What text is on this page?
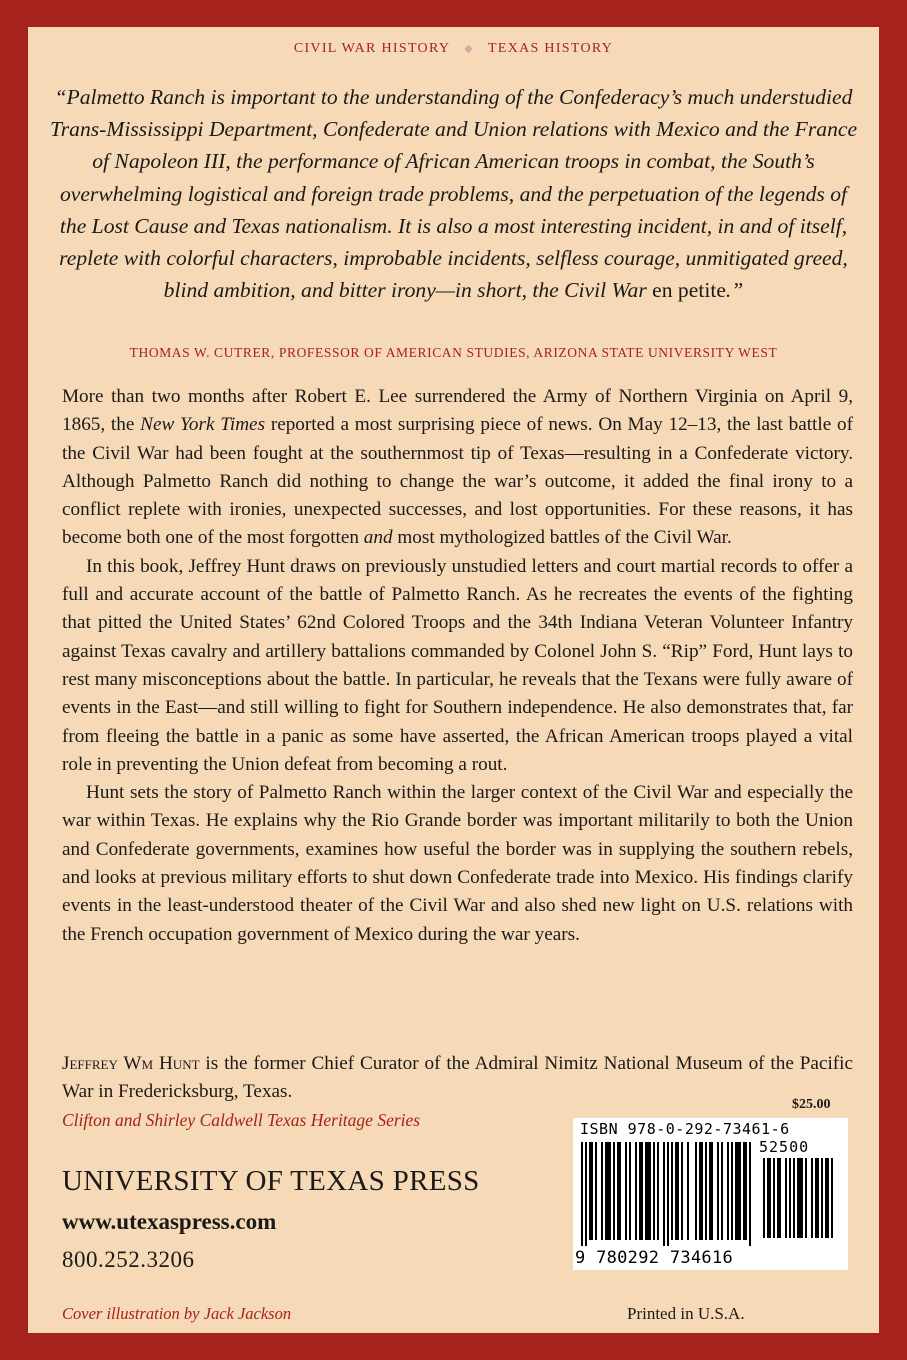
CIVIL WAR HISTORY ◆ TEXAS HISTORY
“Palmetto Ranch is important to the understanding of the Confederacy’s much understudied Trans-Mississippi Department, Confederate and Union relations with Mexico and the France of Napoleon III, the performance of African American troops in combat, the South’s overwhelming logistical and foreign trade problems, and the perpetuation of the legends of the Lost Cause and Texas nationalism. It is also a most interesting incident, in and of itself, replete with colorful characters, improbable incidents, selfless courage, unmitigated greed, blind ambition, and bitter irony—in short, the Civil War en petite.”
THOMAS W. CUTRER, PROFESSOR OF AMERICAN STUDIES, ARIZONA STATE UNIVERSITY WEST

More than two months after Robert E. Lee surrendered the Army of Northern Virginia on April 9, 1865, the New York Times reported a most surprising piece of news. On May 12–13, the last battle of the Civil War had been fought at the southernmost tip of Texas—resulting in a Confederate victory. Although Palmetto Ranch did nothing to change the war’s outcome, it added the final irony to a conflict replete with ironies, unexpected successes, and lost opportunities. For these reasons, it has become both one of the most forgotten and most mythologized battles of the Civil War.

In this book, Jeffrey Hunt draws on previously unstudied letters and court martial records to offer a full and accurate account of the battle of Palmetto Ranch. As he recreates the events of the fighting that pitted the United States’ 62nd Colored Troops and the 34th Indiana Veteran Volunteer Infantry against Texas cavalry and artillery battalions commanded by Colonel John S. “Rip” Ford, Hunt lays to rest many misconceptions about the battle. In particular, he reveals that the Texans were fully aware of events in the East—and still willing to fight for Southern independence. He also demonstrates that, far from fleeing the battle in a panic as some have asserted, the African American troops played a vital role in preventing the Union defeat from becoming a rout.

Hunt sets the story of Palmetto Ranch within the larger context of the Civil War and especially the war within Texas. He explains why the Rio Grande border was important militarily to both the Union and Confederate governments, examines how useful the border was in supplying the southern rebels, and looks at previous military efforts to shut down Confederate trade into Mexico. His findings clarify events in the least-understood theater of the Civil War and also shed new light on U.S. relations with the French occupation government of Mexico during the war years.

Jeffrey Wm Hunt is the former Chief Curator of the Admiral Nimitz National Museum of the Pacific War in Fredericksburg, Texas.
Clifton and Shirley Caldwell Texas Heritage Series
$25.00
ISBN 978-0-292-73461-6
9 780292 734616
52500
UNIVERSITY OF TEXAS PRESS
www.utexaspress.com
800.252.3206
Cover illustration by Jack Jackson	Printed in U.S.A.
